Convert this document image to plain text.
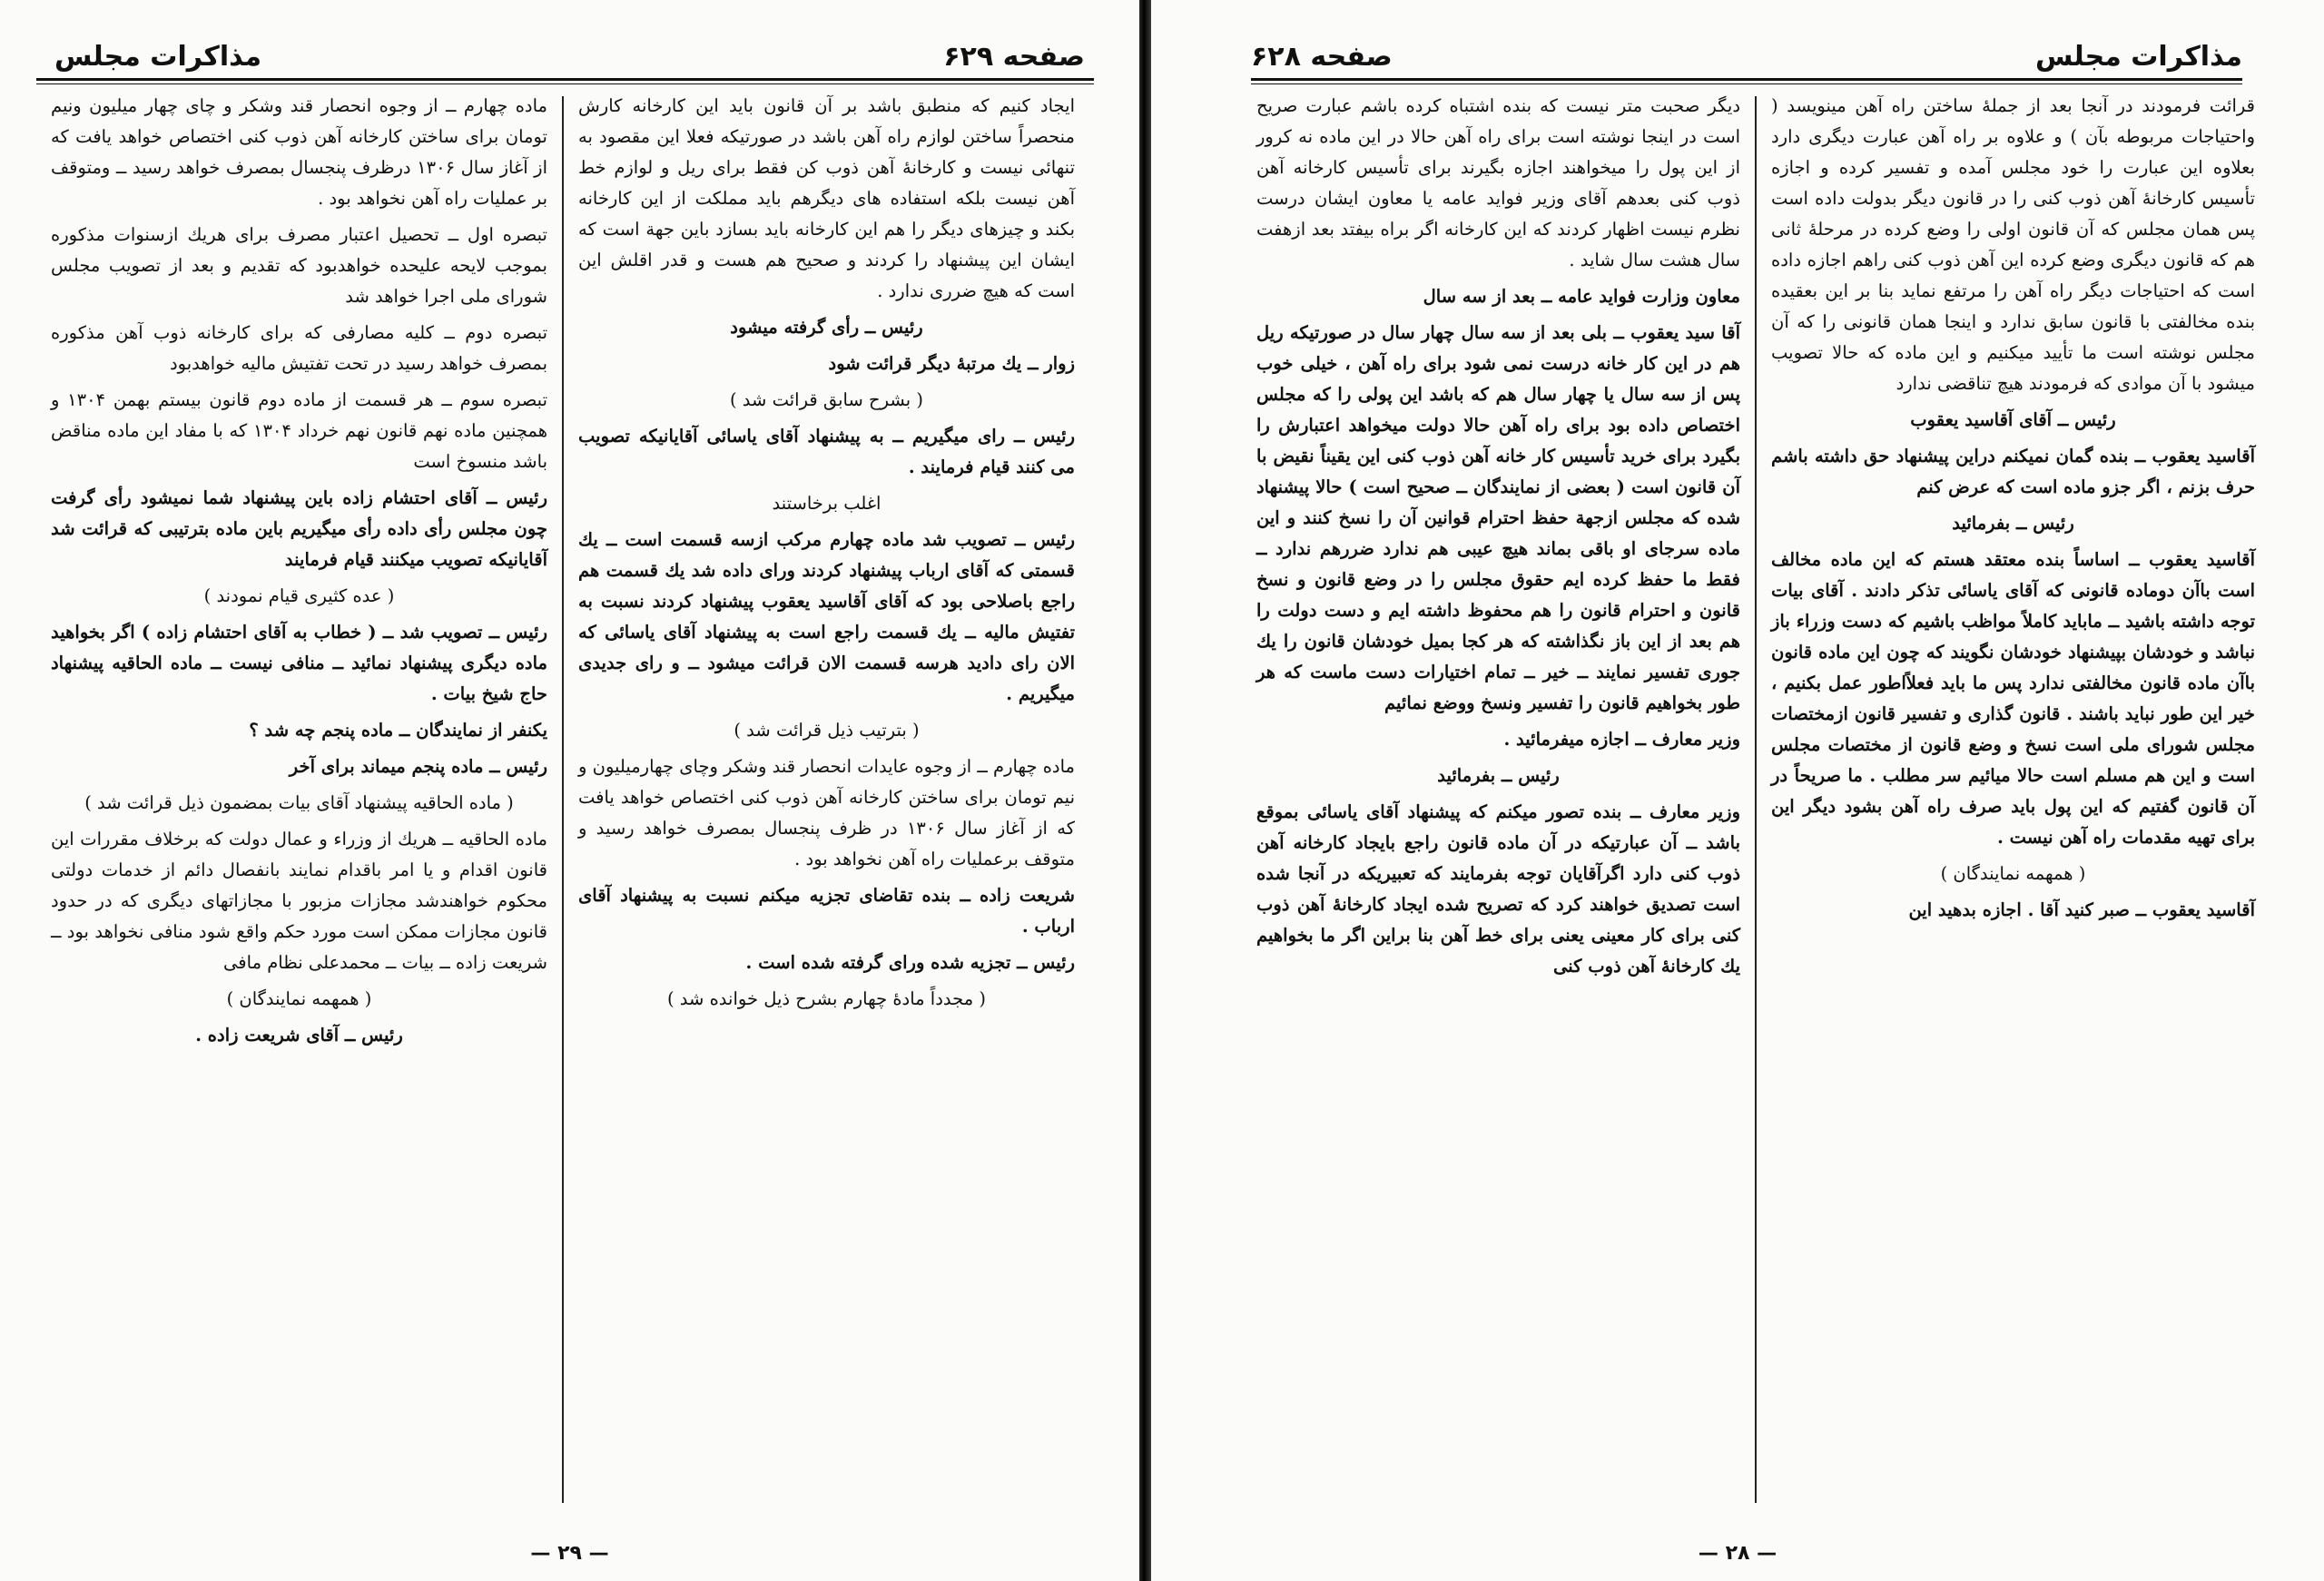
مذاکرات مجلس	صفحه ۶۲۹

ایجاد کنیم که منطبق باشد بر آن قانون باید این کارخانه کارش منحصراً ساختن لوازم راه آهن باشد در صورتیکه فعلا این مقصود به تنهائی نیست و کارخانهٔ آهن ذوب کن فقط برای ریل و لوازم خط آهن نیست بلکه استفاده های دیگرهم باید مملکت از این کارخانه بکند و چیزهای دیگر را هم این کارخانه باید بسازد باین جهة است که ایشان این پیشنهاد را کردند و صحیح هم هست و قدر اقلش این است که هیچ ضرری ندارد .

رئیس ــ رأی گرفته میشود

زوار ــ یك مرتبهٔ دیگر قرائت شود

( بشرح سابق قرائت شد )

رئیس ــ رای میگیریم ــ به پیشنهاد آقای یاسائی آقایانیکه تصویب می کنند قیام فرمایند .

اغلب برخاستند

رئیس ــ تصویب شد ماده چهارم مرکب ازسه قسمت است ــ یك قسمتی که آقای ارباب پیشنهاد کردند ورای داده شد یك قسمت هم راجع باصلاحی بود که آقای آقاسید یعقوب پیشنهاد کردند نسبت به تفتیش مالیه ــ یك قسمت راجع است به پیشنهاد آقای یاسائی که الان رای دادید هرسه قسمت الان قرائت میشود ــ و رای جدیدی میگیریم .

( بترتیب ذیل قرائت شد )

ماده چهارم ــ از وجوه عایدات انحصار قند وشکر وچای چهارمیلیون و نیم تومان برای ساختن کارخانه آهن ذوب کنی اختصاص خواهد یافت که از آغاز سال ۱۳۰۶ در ظرف پنجسال بمصرف خواهد رسید و متوقف برعملیات راه آهن نخواهد بود .

شریعت زاده ــ بنده تقاضای تجزیه میکنم نسبت به پیشنهاد آقای ارباب .

رئیس ــ تجزیه شده ورای گرفته شده است .

( مجدداً مادهٔ چهارم بشرح ذیل خوانده شد )

ماده چهارم ــ از وجوه انحصار قند وشکر و چای چهار میلیون ونیم تومان برای ساختن کارخانه آهن ذوب کنی اختصاص خواهد یافت که از آغاز سال ۱۳۰۶ درظرف پنجسال بمصرف خواهد رسید ــ ومتوقف بر عملیات راه آهن نخواهد بود .

تبصره اول ــ تحصیل اعتبار مصرف برای هریك ازسنوات مذکوره بموجب لایحه علیحده خواهدبود که تقدیم و بعد از تصویب مجلس شورای ملی اجرا خواهد شد

تبصره دوم ــ کلیه مصارفی که برای کارخانه ذوب آهن مذکوره بمصرف خواهد رسید در تحت تفتیش مالیه خواهدبود

تبصره سوم ــ هر قسمت از ماده دوم قانون بیستم بهمن ۱۳۰۴ و همچنین ماده نهم قانون نهم خرداد ۱۳۰۴ که با مفاد این ماده مناقض باشد منسوخ است

رئیس ــ آقای احتشام زاده باین پیشنهاد شما نمیشود رأی گرفت چون مجلس رأی داده رأی میگیریم باین ماده بترتیبی که قرائت شد آقایانیکه تصویب میکنند قیام فرمایند

( عده کثیری قیام نمودند )

رئیس ــ تصویب شد ــ ( خطاب به آقای احتشام زاده ) اگر بخواهید ماده دیگری پیشنهاد نمائید ــ منافی نیست ــ ماده الحاقیه پیشنهاد حاج شیخ بیات .

یکنفر از نمایندگان ــ ماده پنجم چه شد ؟

رئیس ــ ماده پنجم میماند برای آخر

( ماده الحاقیه پیشنهاد آقای بیات بمضمون ذیل قرائت شد )

ماده الحاقیه ــ هریك از وزراء و عمال دولت که برخلاف مقررات این قانون اقدام و یا امر باقدام نمایند بانفصال دائم از خدمات دولتی محکوم خواهندشد مجازات مزبور با مجازاتهای دیگری که در حدود قانون مجازات ممکن است مورد حکم واقع شود منافی نخواهد بود ــ شریعت زاده ــ بیات ــ محمدعلی نظام مافی

( همهمه نمایندگان )

رئیس ــ آقای شریعت زاده .

— ۲۹ —
صفحه ۶۲۸	مذاکرات مجلس

قرائت فرمودند در آنجا بعد از جملهٔ ساختن راه آهن مینویسد ( واحتیاجات مربوطه بآن ) و علاوه بر راه آهن عبارت دیگری دارد بعلاوه این عبارت را خود مجلس آمده و تفسیر کرده و اجازه تأسیس کارخانهٔ آهن ذوب کنی را در قانون دیگر بدولت داده است پس همان مجلس که آن قانون اولی را وضع کرده در مرحلهٔ ثانی هم که قانون دیگری وضع کرده این آهن ذوب کنی راهم اجازه داده است که احتیاجات دیگر راه آهن را مرتفع نماید بنا بر این بعقیده بنده مخالفتی با قانون سابق ندارد و اینجا همان قانونی را که آن مجلس نوشته است ما تأیید میکنیم و این ماده که حالا تصویب میشود با آن موادی که فرمودند هیچ تناقضی ندارد

رئیس ــ آقای آقاسید یعقوب

آقاسید یعقوب ــ بنده گمان نمیکنم دراین پیشنهاد حق داشته باشم حرف بزنم ، اگر جزو ماده است که عرض کنم

رئیس ــ بفرمائید

آقاسید یعقوب ــ اساساً بنده معتقد هستم که این ماده مخالف است باآن دوماده قانونی که آقای یاسائی تذکر دادند . آقای بیات توجه داشته باشید ــ ماباید کاملاً مواظب باشیم که دست وزراء باز نباشد و خودشان بپیشنهاد خودشان نگویند که چون این ماده قانون باآن ماده قانون مخالفتی ندارد پس ما باید فعلاًاطور عمل بکنیم ، خیر این طور نباید باشند . قانون گذاری و تفسیر قانون ازمختصات مجلس شورای ملی است نسخ و وضع قانون از مختصات مجلس است و این هم مسلم است حالا میائیم سر مطلب . ما صریحاً در آن قانون گفتیم که این پول باید صرف راه آهن بشود دیگر این برای تهیه مقدمات راه آهن نیست .

( همهمه نمایندگان )

آقاسید یعقوب ــ صبر کنید آقا . اجازه بدهید این

دیگر صحبت متر نیست که بنده اشتباه کرده باشم عبارت صریح است در اینجا نوشته است برای راه آهن حالا در این ماده نه کرور از این پول را میخواهند اجازه بگیرند برای تأسیس کارخانه آهن ذوب کنی بعدهم آقای وزیر فواید عامه یا معاون ایشان درست نظرم نیست اظهار کردند که این کارخانه اگر براه بیفتد بعد ازهفت سال هشت سال شاید .

معاون وزارت فواید عامه ــ بعد از سه سال

آقا سید یعقوب ــ بلی بعد از سه سال چهار سال در صورتیکه ریل هم در این کار خانه درست نمی شود برای راه آهن ، خیلی خوب پس از سه سال یا چهار سال هم که باشد این پولی را که مجلس اختصاص داده بود برای راه آهن حالا دولت میخواهد اعتبارش را بگیرد برای خرید تأسیس کار خانه آهن ذوب کنی این یقیناً نقیض با آن قانون است ( بعضی از نمایندگان ــ صحیح است ) حالا پیشنهاد شده که مجلس ازجهة حفظ احترام قوانین آن را نسخ کنند و این ماده سرجای او باقی بماند هیچ عیبی هم ندارد ضررهم ندارد ــ فقط ما حفظ کرده ایم حقوق مجلس را در وضع قانون و نسخ قانون و احترام قانون را هم محفوظ داشته ایم و دست دولت را هم بعد از این باز نگذاشته که هر کجا بمیل خودشان قانون را یك جوری تفسیر نمایند ــ خیر ــ تمام اختیارات دست ماست که هر طور بخواهیم قانون را تفسیر ونسخ ووضع نمائیم

وزیر معارف ــ اجازه میفرمائید .

رئیس ــ بفرمائید

وزیر معارف ــ بنده تصور میکنم که پیشنهاد آقای یاسائی بموقع باشد ــ آن عبارتیکه در آن ماده قانون راجع بایجاد کارخانه آهن ذوب کنی دارد اگرآقایان توجه بفرمایند که تعبیریکه در آنجا شده است تصدیق خواهند کرد که تصریح شده ایجاد کارخانهٔ آهن ذوب کنی برای کار معینی یعنی برای خط آهن بنا براین اگر ما بخواهیم یك کارخانهٔ آهن ذوب کنی

— ۲۸ —
